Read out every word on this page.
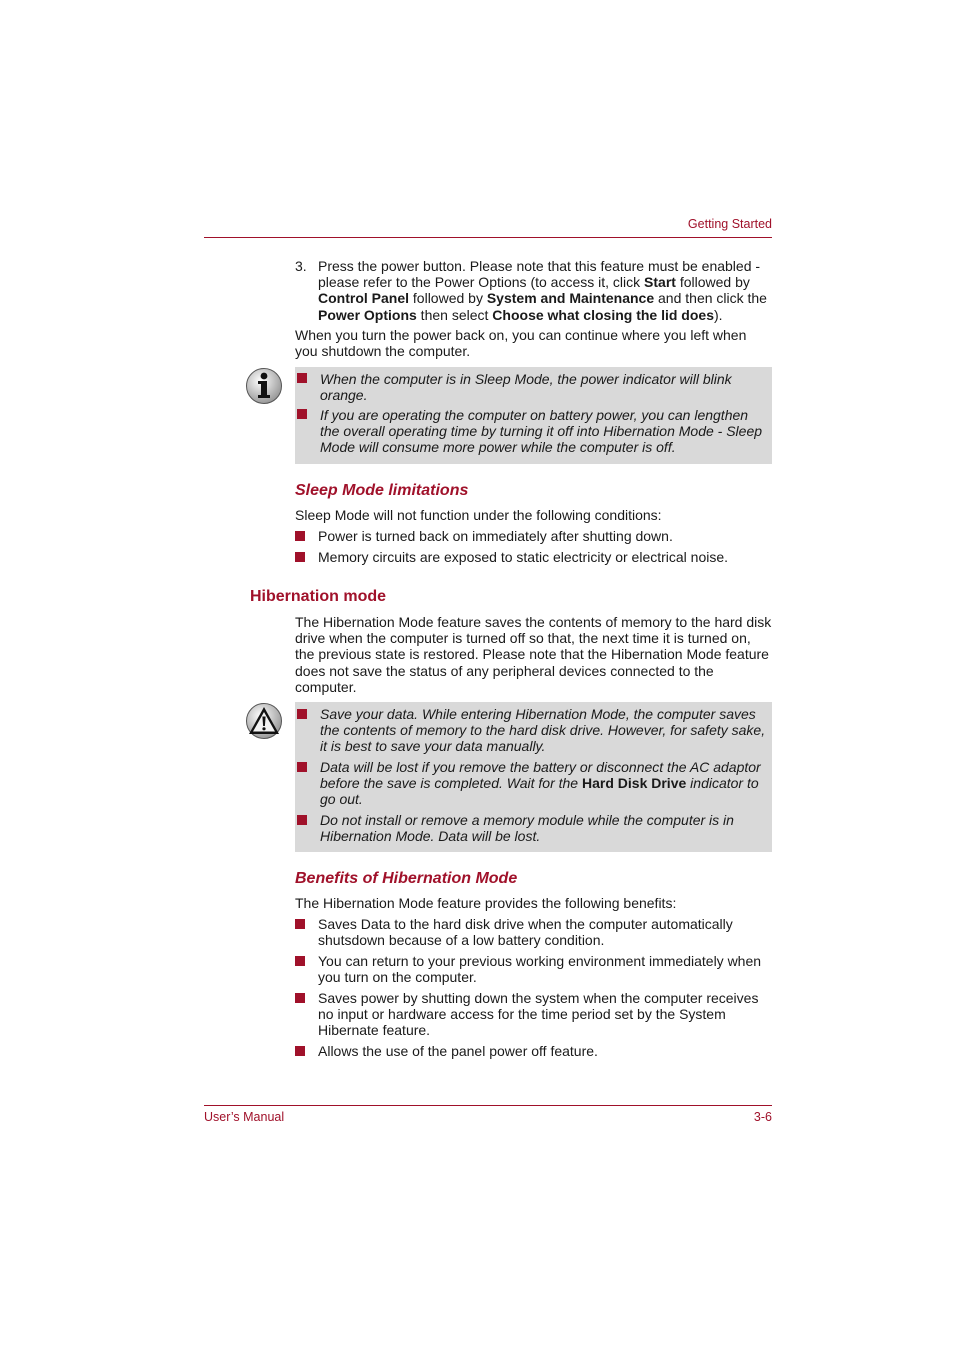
Getting Started
3. Press the power button. Please note that this feature must be enabled - please refer to the Power Options (to access it, click Start followed by Control Panel followed by System and Maintenance and then click the Power Options then select Choose what closing the lid does).
When you turn the power back on, you can continue where you left when you shutdown the computer.
When the computer is in Sleep Mode, the power indicator will blink orange.
If you are operating the computer on battery power, you can lengthen the overall operating time by turning it off into Hibernation Mode - Sleep Mode will consume more power while the computer is off.
Sleep Mode limitations
Sleep Mode will not function under the following conditions:
Power is turned back on immediately after shutting down.
Memory circuits are exposed to static electricity or electrical noise.
Hibernation mode
The Hibernation Mode feature saves the contents of memory to the hard disk drive when the computer is turned off so that, the next time it is turned on, the previous state is restored. Please note that the Hibernation Mode feature does not save the status of any peripheral devices connected to the computer.
Save your data. While entering Hibernation Mode, the computer saves the contents of memory to the hard disk drive. However, for safety sake, it is best to save your data manually.
Data will be lost if you remove the battery or disconnect the AC adaptor before the save is completed. Wait for the Hard Disk Drive indicator to go out.
Do not install or remove a memory module while the computer is in Hibernation Mode. Data will be lost.
Benefits of Hibernation Mode
The Hibernation Mode feature provides the following benefits:
Saves Data to the hard disk drive when the computer automatically shutsdown because of a low battery condition.
You can return to your previous working environment immediately when you turn on the computer.
Saves power by shutting down the system when the computer receives no input or hardware access for the time period set by the System Hibernate feature.
Allows the use of the panel power off feature.
User’s Manual	3-6
